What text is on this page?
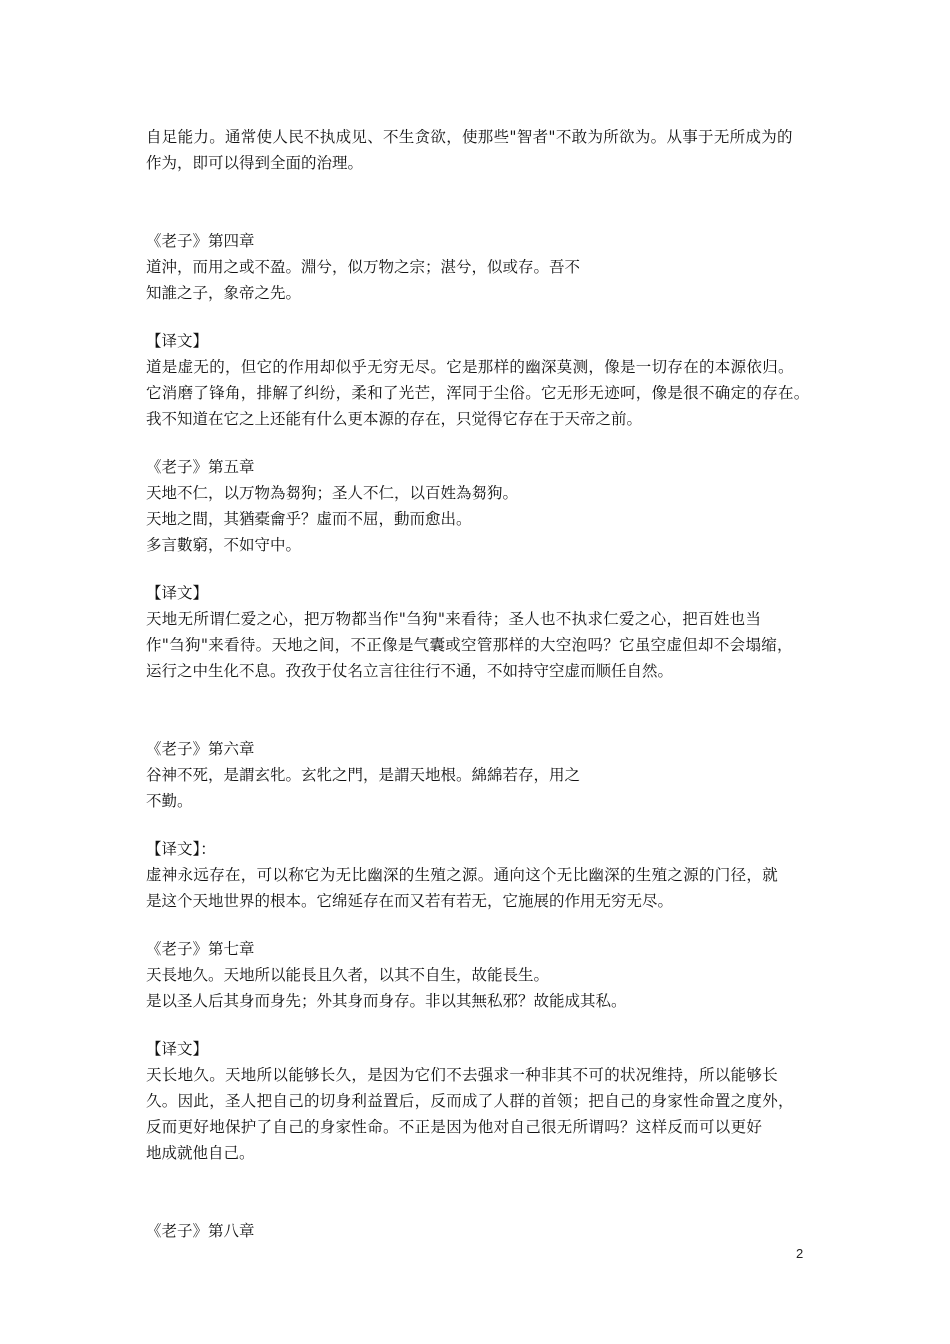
自足能力。通常使人民不执成见、不生贪欲，使那些"智者"不敢为所欲为。从事于无所成为的
作为，即可以得到全面的治理。
《老子》第四章
道沖，而用之或不盈。淵兮，似万物之宗；湛兮，似或存。吾不
知誰之子，象帝之先。
【译文】
道是虚无的，但它的作用却似乎无穷无尽。它是那样的幽深莫测，像是一切存在的本源依归。
它消磨了锋角，排解了纠纷，柔和了光芒，浑同于尘俗。它无形无迹呵，像是很不确定的存在。
我不知道在它之上还能有什么更本源的存在，只觉得它存在于天帝之前。
《老子》第五章
天地不仁，以万物為芻狗；圣人不仁，以百姓為芻狗。
天地之間，其猶橐龠乎？虛而不屈，動而愈出。
多言數窮，不如守中。
【译文】
天地无所谓仁爱之心，把万物都当作"刍狗"来看待；圣人也不执求仁爱之心，把百姓也当
作"刍狗"来看待。天地之间，不正像是气囊或空管那样的大空泡吗？它虽空虚但却不会塌缩，
运行之中生化不息。孜孜于仗名立言往往行不通，不如持守空虚而顺任自然。
《老子》第六章
谷神不死，是謂玄牝。玄牝之門，是謂天地根。綿綿若存，用之
不勤。
【译文】：
虚神永远存在，可以称它为无比幽深的生殖之源。通向这个无比幽深的生殖之源的门径，就
是这个天地世界的根本。它绵延存在而又若有若无，它施展的作用无穷无尽。
《老子》第七章
天長地久。天地所以能長且久者，以其不自生，故能長生。
是以圣人后其身而身先；外其身而身存。非以其無私邪？故能成其私。
【译文】
天长地久。天地所以能够长久，是因为它们不去强求一种非其不可的状况维持，所以能够长
久。因此，圣人把自己的切身利益置后，反而成了人群的首领；把自己的身家性命置之度外，
反而更好地保护了自己的身家性命。不正是因为他对自己很无所谓吗？这样反而可以更好
地成就他自己。
《老子》第八章
2
